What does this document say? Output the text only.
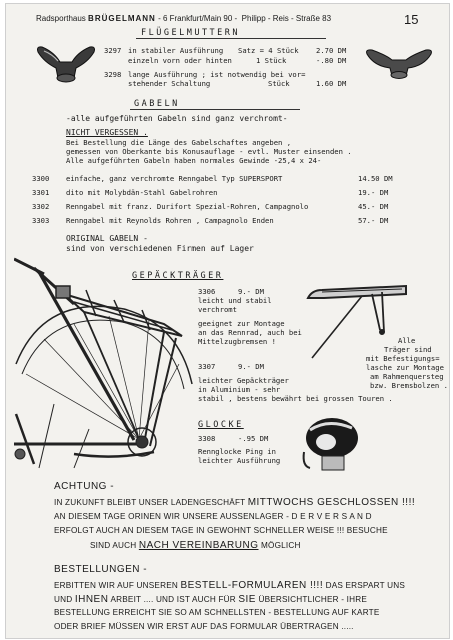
Radsporthaus BRÜGELMANN - 6 Frankfurt/Main 90 - Philipp - Reis - Straße 83	15
FLÜGELMUTTERN
3297 in stabiler Ausführung Satz = 4 Stück 2.70 DM
einzeln vorn oder hinten	1 Stück	-.80 DM
3298 lange Ausführung ; ist notwendig bei vor=
stehender Schaltung	Stück	1.60 DM
GABELN
-alle aufgeführten Gabeln sind ganz verchromt-
NICHT VERGESSEN .
Bei Bestellung die Länge des Gabelschaftes angeben ,
gemessen von Oberkante bis Konusauflage - evtl. Muster einsenden .
Alle aufgeführten Gabeln haben normales Gewinde -25,4 x 24-
3300 einfache, ganz verchromte Renngabel Typ SUPERSPORT	14.50 DM
3301 dito mit Molybdän-Stahl Gabelrohren	19.- DM
3302 Renngabel mit franz. Durifort Spezial-Rohren, Campagnolo	45.- DM
3303 Renngabel mit Reynolds Rohren , Campagnolo Enden	57.- DM
ORIGINAL GABELN -
sind von verschiedenen Firmen auf Lager
GEPÄCKTRÄGER
3306	9.- DM
leicht und stabil
verchromt
geeignet zur Montage
an das Rennrad, auch bei
Mittelzugbremsen !	Alle
Träger sind
mit Befestigungs=
lasche zur Montage
am Rahmenquersteg
bzw. Bremsbolzen .
3307	9.- DM
leichter Gepäckträger
in Aluminium - sehr
stabil , bestens bewährt bei grossen Touren .
GLOCKE
3308	-.95 DM
Rennglocke Ping in
leichter Ausführung
ACHTUNG -
IN ZUKUNFT BLEIBT UNSER LADENGESCHÄFT MITTWOCHS GESCHLOSSEN !!!!
AN DIESEM TAGE ORINEN WIR UNSERE AUSSENLAGER - D E R V E R S A N D
ERFOLGT AUCH AN DIESEM TAGE IN GEWOHNT SCHNELLER WEISE !!! BESUCHE
SIND AUCH NACH VEREINBARUNG MÖGLICH
BESTELLUNGEN -
ERBITTEN WIR AUF UNSEREN BESTELL-FORMULAREN !!!! DAS ERSPART UNS
UND IHNEN ARBEIT .... UND IST AUCH FÜR SIE ÜBERSICHTLICHER - IHRE
BESTELLUNG ERREICHT SIE SO AM SCHNELLSTEN - BESTELLUNG AUF KARTE
ODER BRIEF MÜSSEN WIR ERST AUF DAS FORMULAR ÜBERTRAGEN .....
